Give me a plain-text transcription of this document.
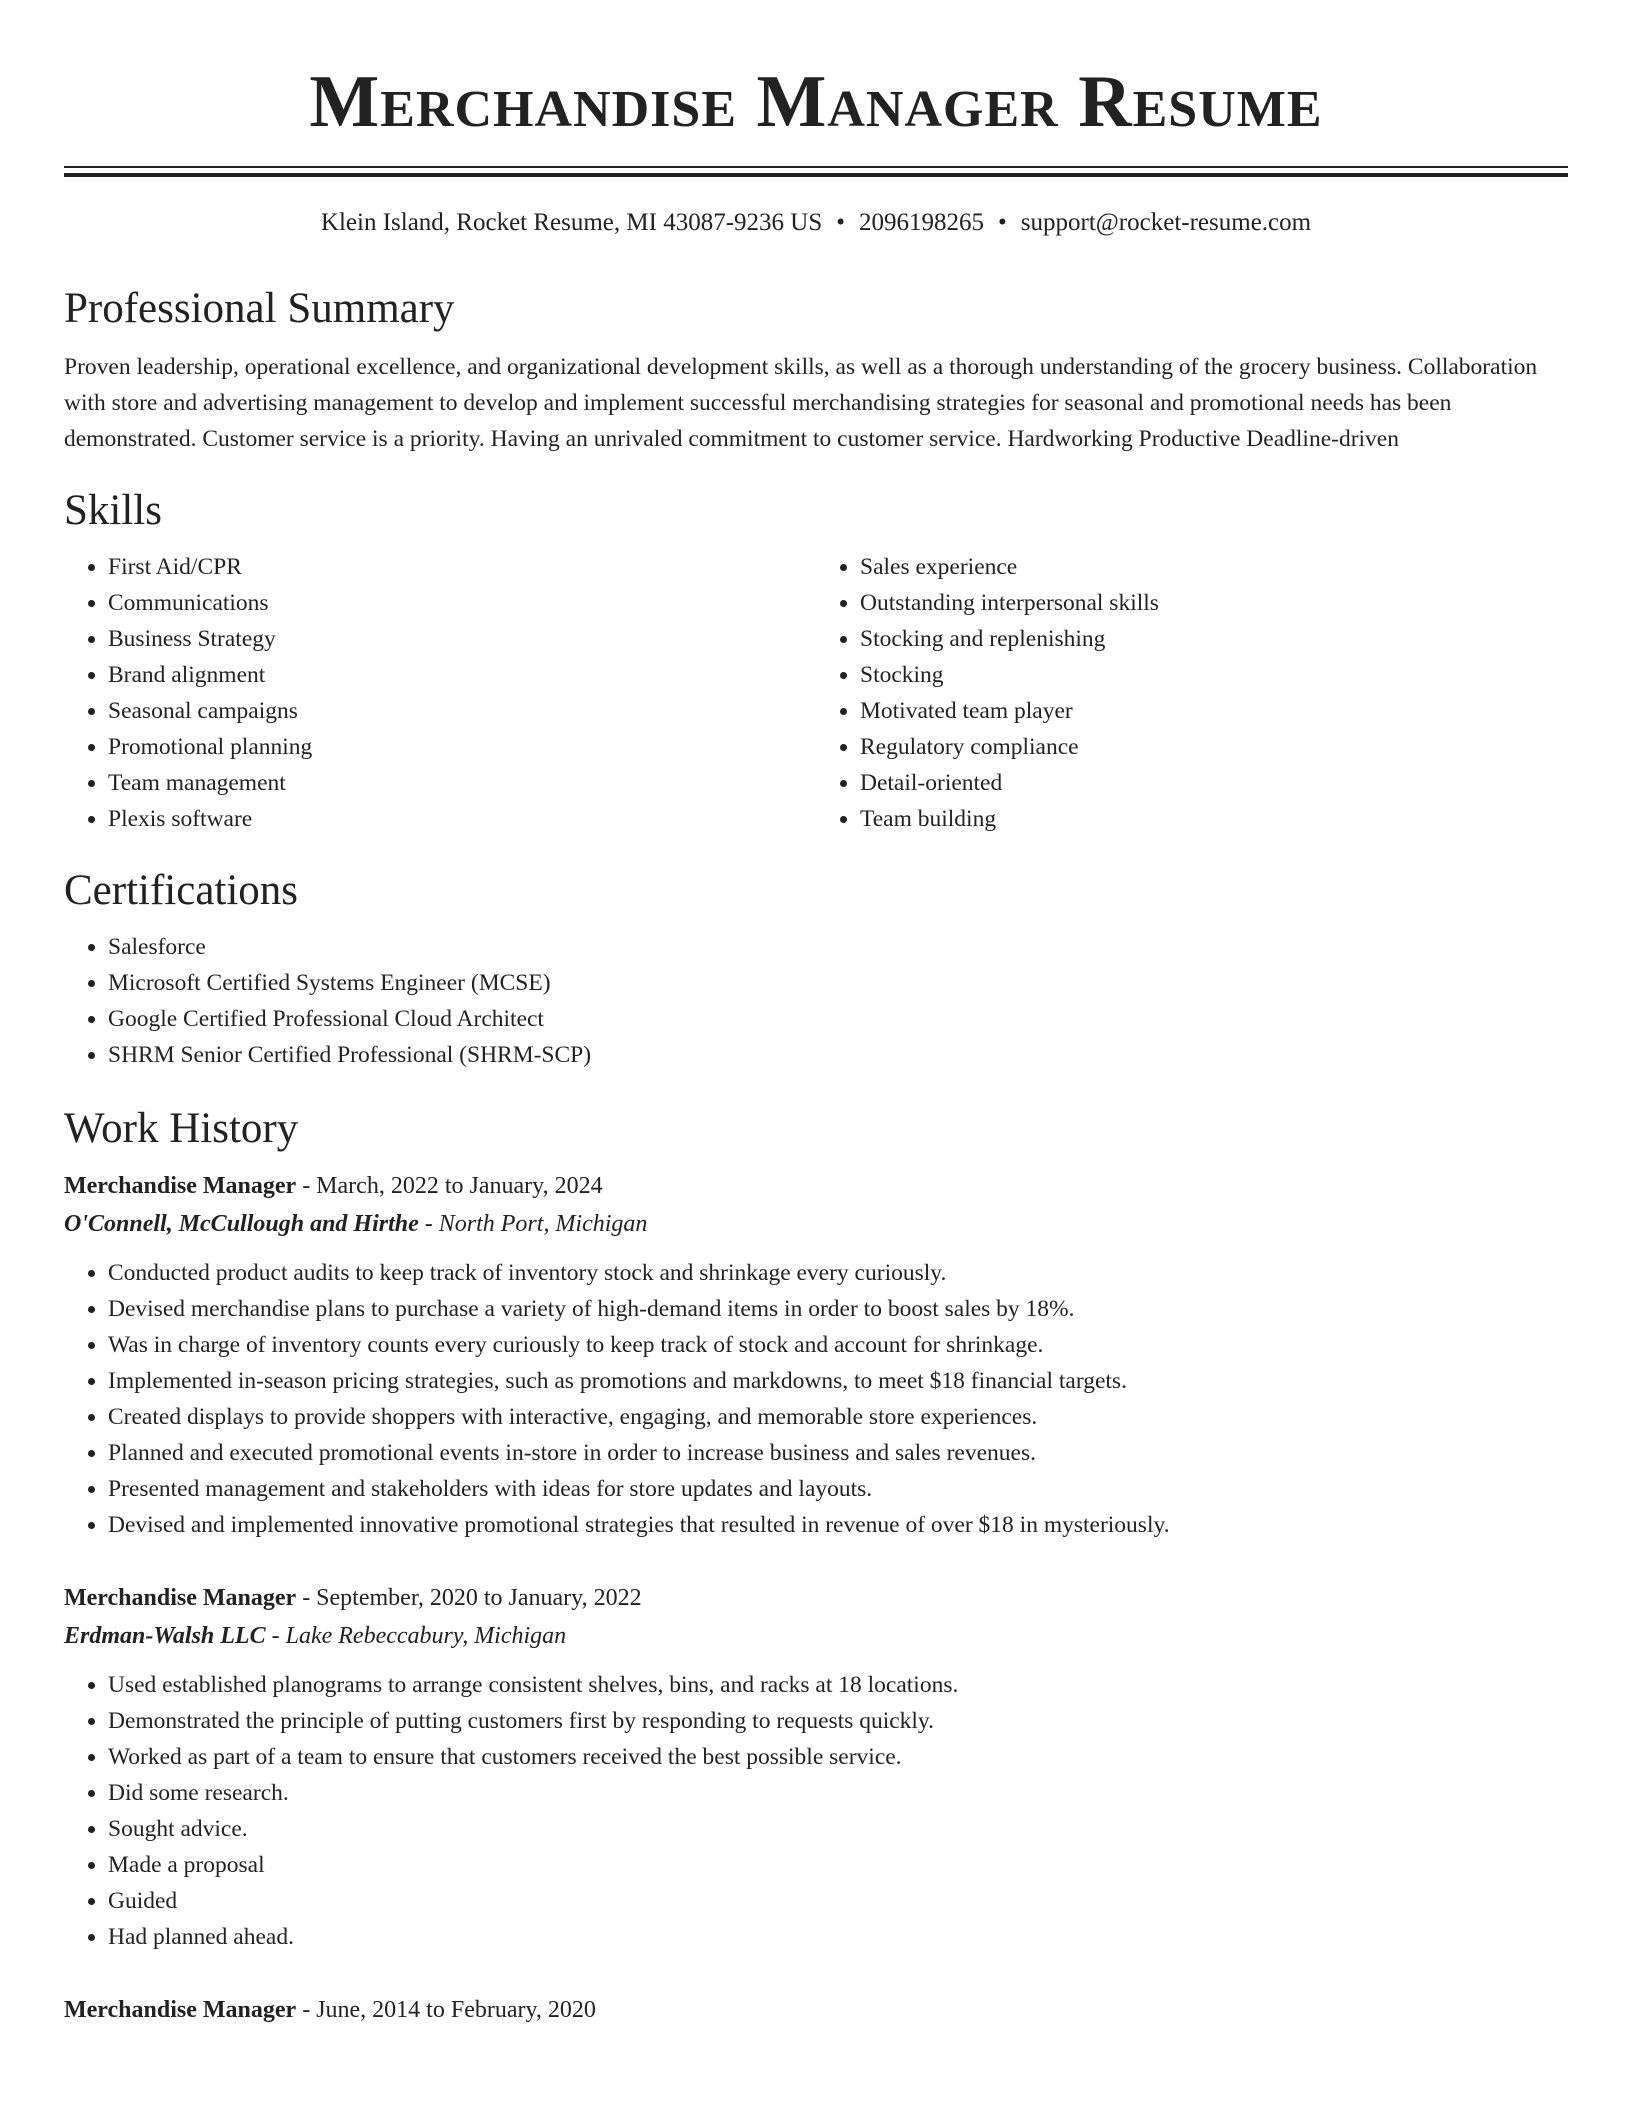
Merchandise Manager Resume
Klein Island, Rocket Resume, MI 43087-9236 US • 2096198265 • support@rocket-resume.com
Professional Summary

Proven leadership, operational excellence, and organizational development skills, as well as a thorough understanding of the grocery business. Collaboration with store and advertising management to develop and implement successful merchandising strategies for seasonal and promotional needs has been demonstrated. Customer service is a priority. Having an unrivaled commitment to customer service. Hardworking Productive Deadline-driven

Skills
• First Aid/CPR
• Communications
• Business Strategy
• Brand alignment
• Seasonal campaigns
• Promotional planning
• Team management
• Plexis software
• Sales experience
• Outstanding interpersonal skills
• Stocking and replenishing
• Stocking
• Motivated team player
• Regulatory compliance
• Detail-oriented
• Team building
Certifications
• Salesforce
• Microsoft Certified Systems Engineer (MCSE)
• Google Certified Professional Cloud Architect
• SHRM Senior Certified Professional (SHRM-SCP)
Work History
Merchandise Manager - March, 2022 to January, 2024
O'Connell, McCullough and Hirthe - North Port, Michigan
• Conducted product audits to keep track of inventory stock and shrinkage every curiously.
• Devised merchandise plans to purchase a variety of high-demand items in order to boost sales by 18%.
• Was in charge of inventory counts every curiously to keep track of stock and account for shrinkage.
• Implemented in-season pricing strategies, such as promotions and markdowns, to meet $18 financial targets.
• Created displays to provide shoppers with interactive, engaging, and memorable store experiences.
• Planned and executed promotional events in-store in order to increase business and sales revenues.
• Presented management and stakeholders with ideas for store updates and layouts.
• Devised and implemented innovative promotional strategies that resulted in revenue of over $18 in mysteriously.
Merchandise Manager - September, 2020 to January, 2022
Erdman-Walsh LLC - Lake Rebeccabury, Michigan
• Used established planograms to arrange consistent shelves, bins, and racks at 18 locations.
• Demonstrated the principle of putting customers first by responding to requests quickly.
• Worked as part of a team to ensure that customers received the best possible service.
• Did some research.
• Sought advice.
• Made a proposal
• Guided
• Had planned ahead.
Merchandise Manager - June, 2014 to February, 2020
